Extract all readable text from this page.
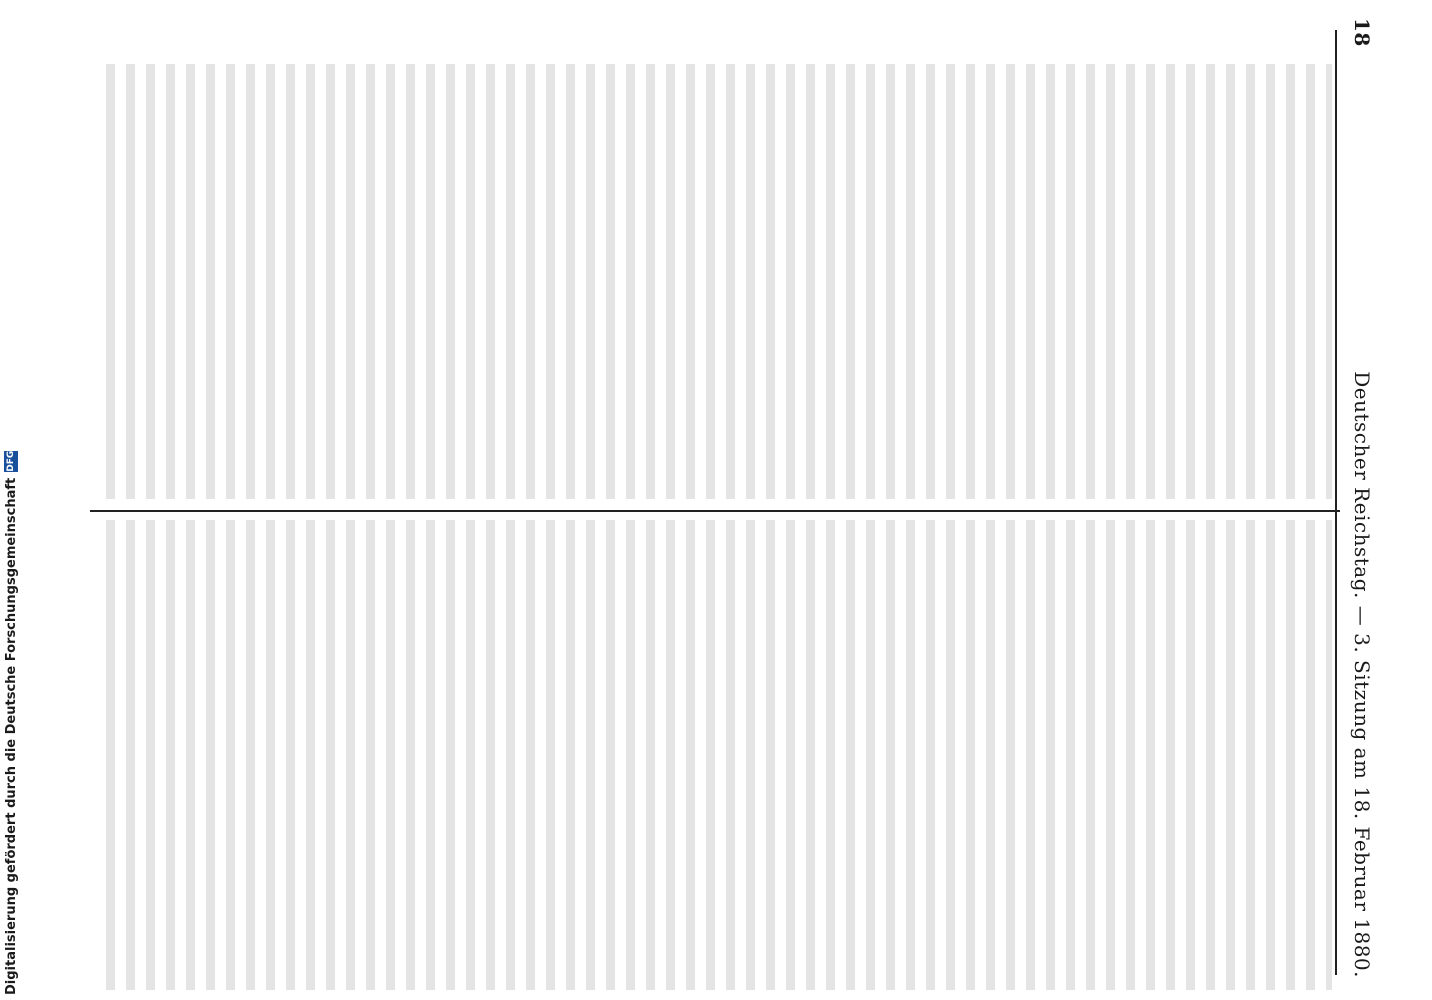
18
Deutscher Reichstag. — 3. Sitzung am 18. Februar 1880.
Digitalisierung gefördert durch die Deutsche Forschungsgemeinschaft
DFG
